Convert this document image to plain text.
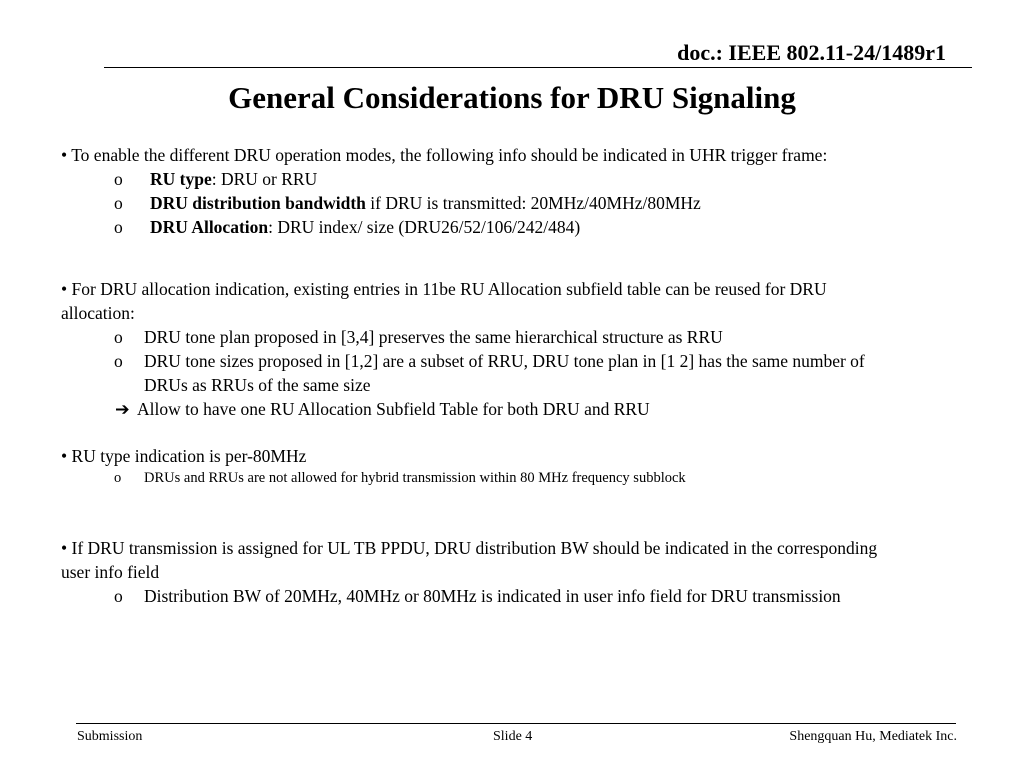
doc.: IEEE 802.11-24/1489r1
General Considerations for DRU Signaling
• To enable the different DRU operation modes, the following info should be indicated in UHR trigger frame:
o RU type: DRU or RRU
o DRU distribution bandwidth if DRU is transmitted: 20MHz/40MHz/80MHz
o DRU Allocation: DRU index/ size (DRU26/52/106/242/484)
• For DRU allocation indication, existing entries in 11be RU Allocation subfield table can be reused for DRU
allocation:
o DRU tone plan proposed in [3,4] preserves the same hierarchical structure as RRU
o DRU tone sizes proposed in [1,2] are a subset of RRU, DRU tone plan in [1 2] has the same number of
DRUs as RRUs of the same size
➔ Allow to have one RU Allocation Subfield Table for both DRU and RRU
• RU type indication is per-80MHz
o DRUs and RRUs are not allowed for hybrid transmission within 80 MHz frequency subblock
• If DRU transmission is assigned for UL TB PPDU, DRU distribution BW should be indicated in the corresponding
user info field
o Distribution BW of 20MHz, 40MHz or 80MHz is indicated in user info field for DRU transmission
Submission	Slide 4	Shengquan Hu, Mediatek Inc.
